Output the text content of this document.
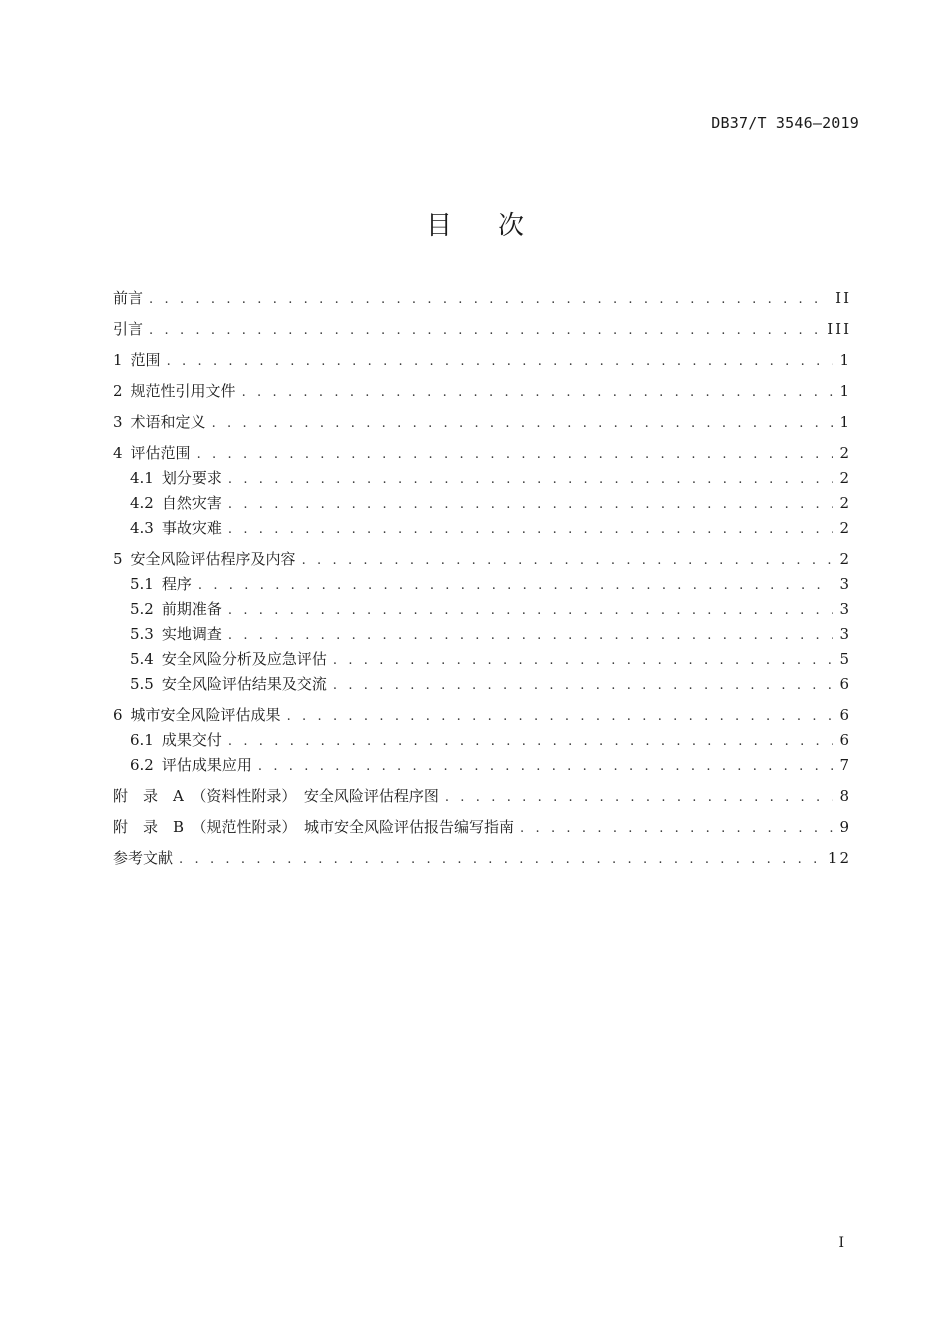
DB37/T 3546—2019
目次
前言 . . .	II
引言 . . .	III
1 范围 . . .	1
2 规范性引用文件 . . .	1
3 术语和定义 . . .	1
4 评估范围 . . .	2
4.1 划分要求 . . .	2
4.2 自然灾害 . . .	2
4.3 事故灾难 . . .	2
5 安全风险评估程序及内容 . . .	2
5.1 程序 . . .	3
5.2 前期准备 . . .	3
5.3 实地调查 . . .	3
5.4 安全风险分析及应急评估 . . .	5
5.5 安全风险评估结果及交流 . . .	6
6 城市安全风险评估成果 . . .	6
6.1 成果交付 . . .	6
6.2 评估成果应用 . . .	7
附　录　A　（资料性附录）　安全风险评估程序图 . . .	8
附　录　B　（规范性附录）　城市安全风险评估报告编写指南 . . .	9
参考文献 . . .	12
I
